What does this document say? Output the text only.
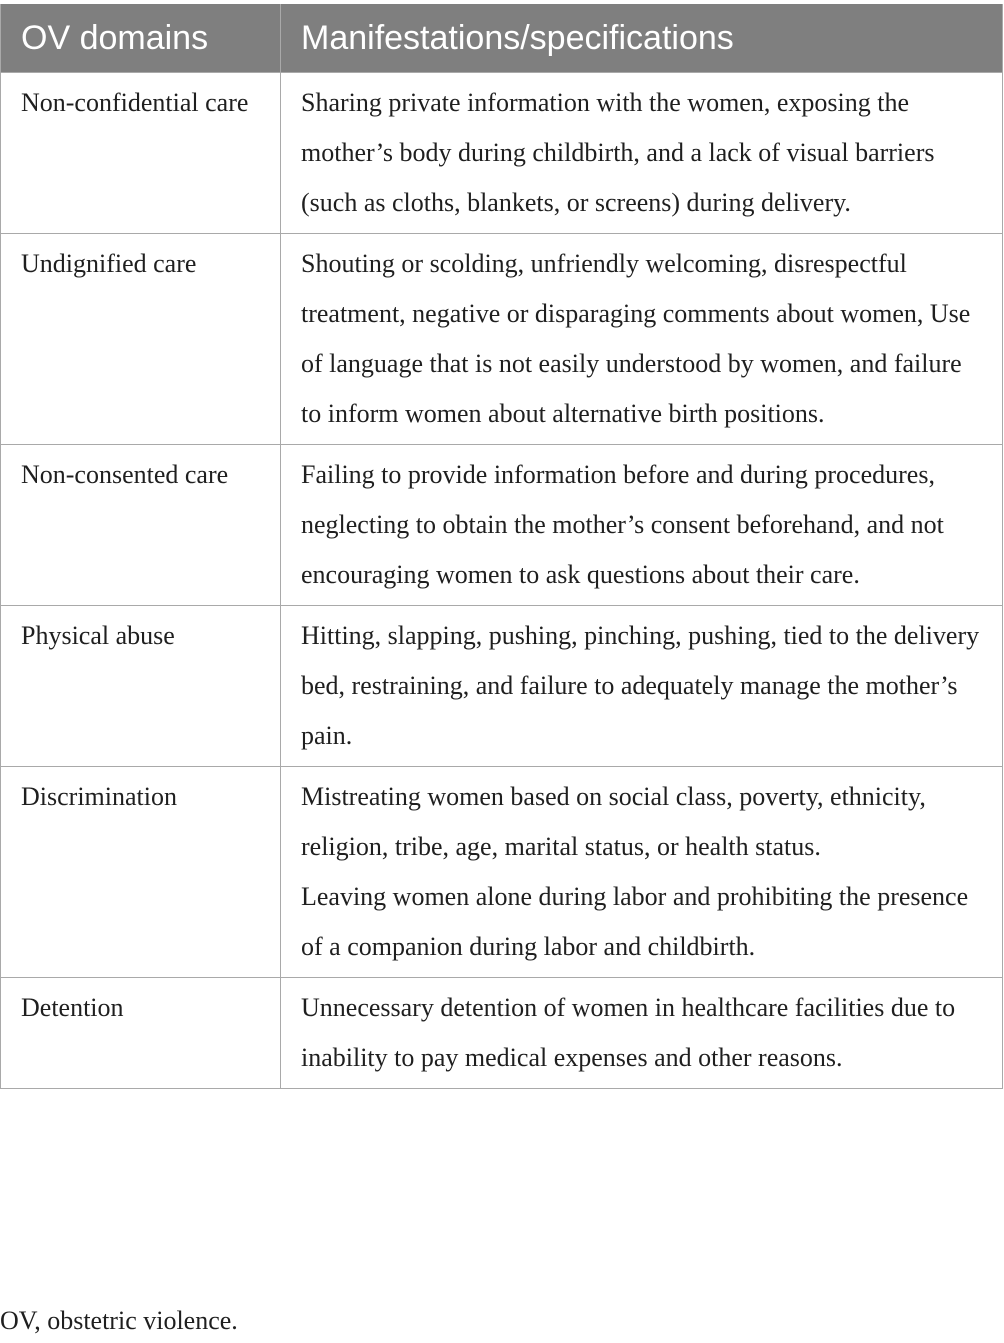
OV domains	Manifestations/specifications
Non-confidential care	Sharing private information with the women, exposing the mother’s body during childbirth, and a lack of visual barriers (such as cloths, blankets, or screens) during delivery.

Undignified care	Shouting or scolding, unfriendly welcoming, disrespectful treatment, negative or disparaging comments about women, Use of language that is not easily understood by women, and failure to inform women about alternative birth positions.

Non-consented care	Failing to provide information before and during procedures, neglecting to obtain the mother’s consent beforehand, and not encouraging women to ask questions about their care.

Physical abuse	Hitting, slapping, pushing, pinching, pushing, tied to the delivery bed, restraining, and failure to adequately manage the mother’s pain.

Discrimination	Mistreating women based on social class, poverty, ethnicity, religion, tribe, age, marital status, or health status.
Leaving women alone during labor and prohibiting the presence of a companion during labor and childbirth.

Detention	Unnecessary detention of women in healthcare facilities due to inability to pay medical expenses and other reasons.
OV, obstetric violence.
